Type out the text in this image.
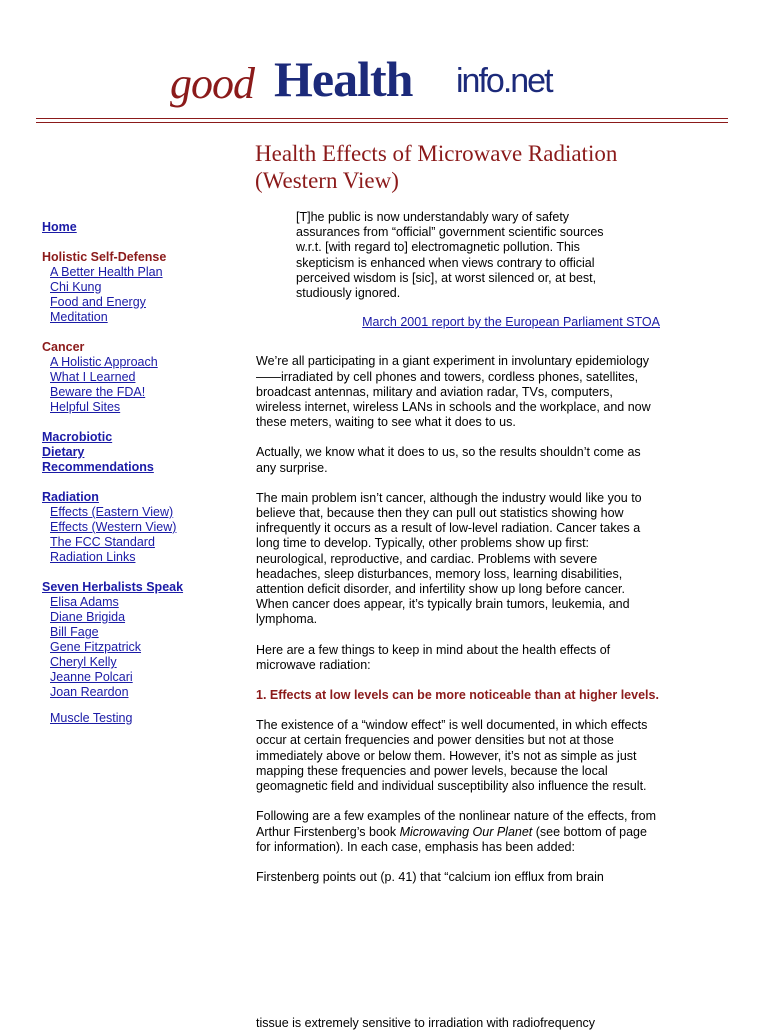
good Health info.net
Health Effects of Microwave Radiation (Western View)
Home
Holistic Self-Defense
A Better Health Plan
Chi Kung
Food and Energy
Meditation
Cancer
A Holistic Approach
What I Learned
Beware the FDA!
Helpful Sites
Macrobiotic
Dietary
Recommendations
Radiation
Effects (Eastern View)
Effects (Western View)
The FCC Standard
Radiation Links
Seven Herbalists Speak
Elisa Adams
Diane Brigida
Bill Fage
Gene Fitzpatrick
Cheryl Kelly
Jeanne Polcari
Joan Reardon
Muscle Testing
[T]he public is now understandably wary of safety assurances from “official” government scientific sources w.r.t. [with regard to] electromagnetic pollution. This skepticism is enhanced when views contrary to official perceived wisdom is [sic], at worst silenced or, at best, studiously ignored.
March 2001 report by the European Parliament STOA

We’re all participating in a giant experiment in involuntary epidemiology——irradiated by cell phones and towers, cordless phones, satellites, broadcast antennas, military and aviation radar, TVs, computers, wireless internet, wireless LANs in schools and the workplace, and now these meters, waiting to see what it does to us.

Actually, we know what it does to us, so the results shouldn’t come as any surprise.

The main problem isn’t cancer, although the industry would like you to believe that, because then they can pull out statistics showing how infrequently it occurs as a result of low-level radiation. Cancer takes a long time to develop. Typically, other problems show up first: neurological, reproductive, and cardiac. Problems with severe headaches, sleep disturbances, memory loss, learning disabilities, attention deficit disorder, and infertility show up long before cancer. When cancer does appear, it’s typically brain tumors, leukemia, and lymphoma.

Here are a few things to keep in mind about the health effects of microwave radiation:

1. Effects at low levels can be more noticeable than at higher levels.

The existence of a “window effect” is well documented, in which effects occur at certain frequencies and power densities but not at those immediately above or below them. However, it’s not as simple as just mapping these frequencies and power levels, because the local geomagnetic field and individual susceptibility also influence the result.

Following are a few examples of the nonlinear nature of the effects, from Arthur Firstenberg’s book Microwaving Our Planet (see bottom of page for information). In each case, emphasis has been added:

Firstenberg points out (p. 41) that “calcium ion efflux from brain

tissue is extremely sensitive to irradiation with radiofrequency
